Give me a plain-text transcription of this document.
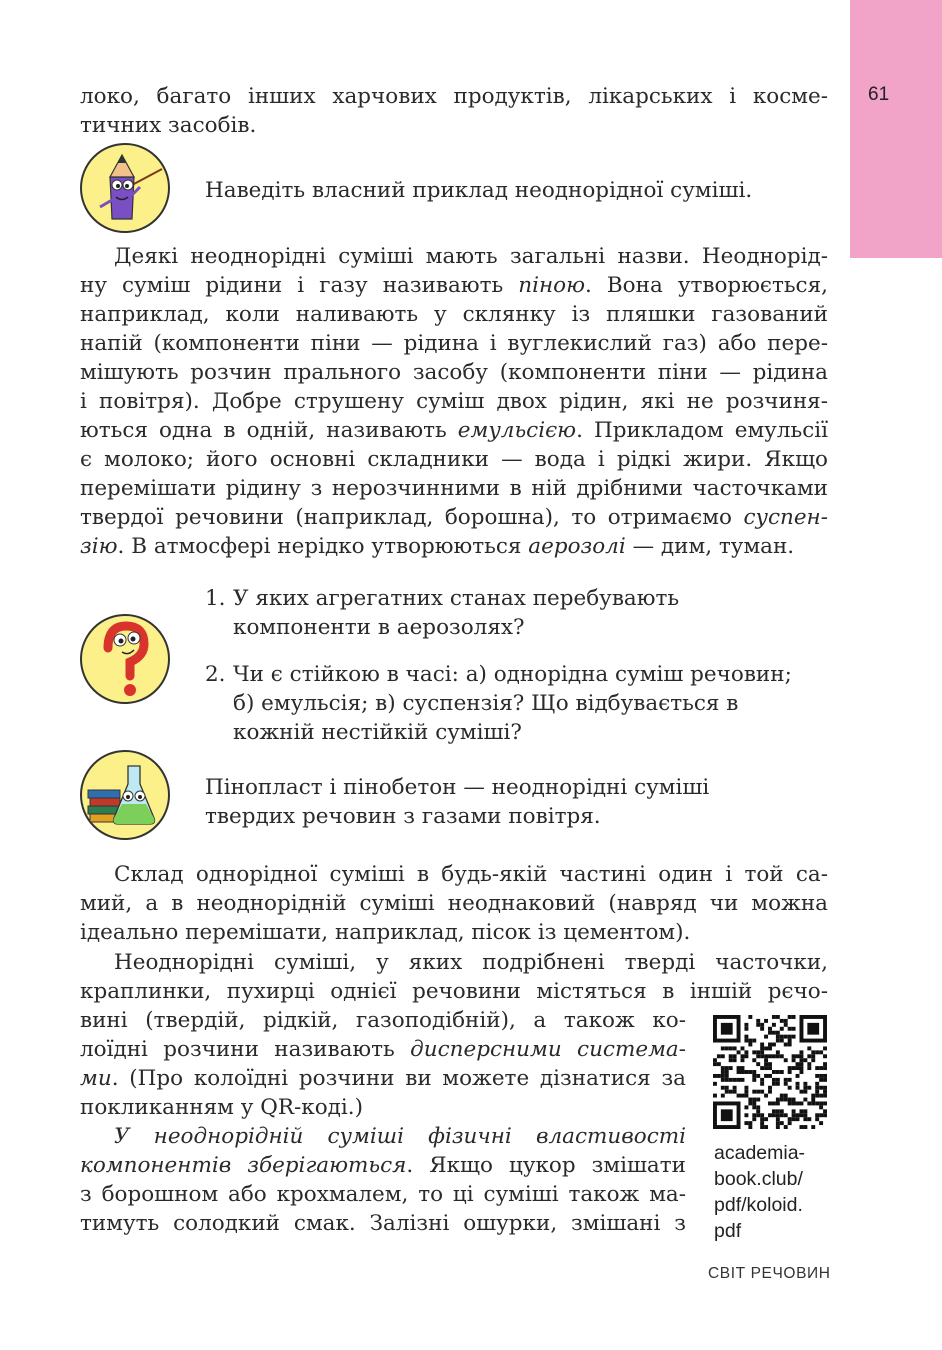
61
локо, багато інших харчових продуктів, лікарських і косме-
тичних засобів.
Наведіть власний приклад неоднорідної суміші.
Деякі неоднорідні суміші мають загальні назви. Неоднорід-
ну суміш рідини і газу називають піною. Вона утворюється,
наприклад, коли наливають у склянку із пляшки газований
напій (компоненти піни — рідина і вуглекислий газ) або пере-
мішують розчин прального засобу (компоненти піни — рідина
і повітря). Добре струшену суміш двох рідин, які не розчиня-
ються одна в одній, називають емульсією. Прикладом емульсії
є молоко; його основні складники — вода і рідкі жири. Якщо
перемішати рідину з нерозчинними в ній дрібними часточками
твердої речовини (наприклад, борошна), то отримаємо суспен-
зію. В атмосфері нерідко утворюються аерозолі — дим, туман.
1. У яких агрегатних станах перебувають
компоненти в аерозолях?
2. Чи є стійкою в часі: а) однорідна суміш речовин;
б) емульсія; в) суспензія? Що відбувається в
кожній нестійкій суміші?
Пінопласт і пінобетон — неоднорідні суміші
твердих речовин з газами повітря.
Склад однорідної суміші в будь-якій частині один і той са-
мий, а в неоднорідній суміші неоднаковий (навряд чи можна
ідеально перемішати, наприклад, пісок із цементом).
Неоднорідні суміші, у яких подрібнені тверді часточки,
краплинки, пухирці однієї речовини містяться в іншій рєчо-
вині (твердій, рідкій, газоподібній), а також ко-
лоїдні розчини називають дисперсними система-
ми. (Про колоїдні розчини ви можете дізнатися за
покликанням у QR-коді.)
У неоднорідній суміші фізичні властивості
компонентів зберігаються. Якщо цукор змішати
з борошном або крохмалем, то ці суміші також ма-
тимуть солодкий смак. Залізні ошурки, змішані з
academia-
book.club/
pdf/koloid.
pdf
СВІТ РЕЧОВИН
